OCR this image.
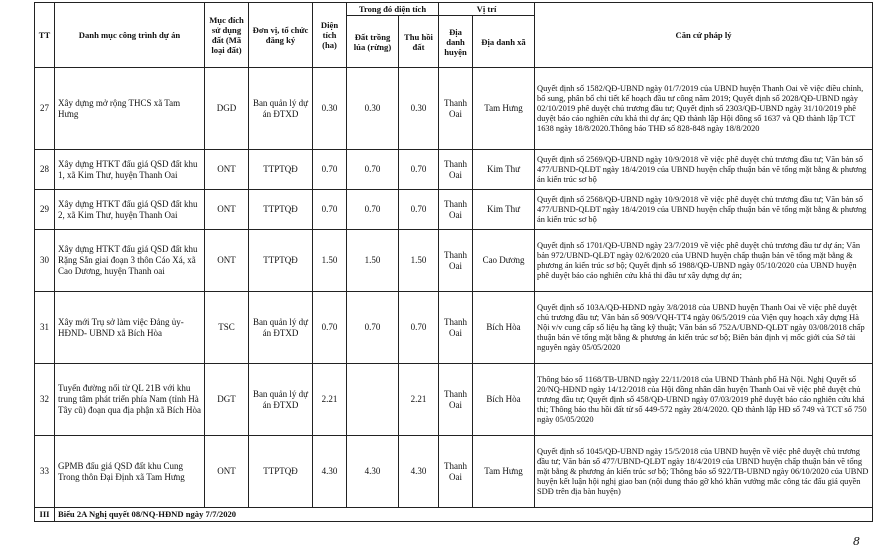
TT	Danh mục công trình dự án	Mục đích sử dụng đất (Mã loại đất)	Đơn vị, tổ chức đăng ký	Diện tích (ha)	Trong đó diện tích		Vị trí		Căn cứ pháp lý
					Đất trồng lúa (rừng)	Thu hồi đất	Địa danh huyện	Địa danh xã	
27	Xây dựng mở rộng THCS xã Tam Hưng	DGD	Ban quản lý dự án ĐTXD	0.30	0.30	0.30	Thanh Oai	Tam Hưng	Quyết định số 1582/QĐ-UBND ngày 01/7/2019 của UBND huyện Thanh Oai về việc điều chỉnh, bổ sung, phân bổ chi tiết kế hoạch đầu tư công năm 2019; Quyết định số 2028/QĐ-UBND ngày 02/10/2019 phê duyệt chủ trương đầu tư; Quyết định số 2303/QĐ-UBND ngày 31/10/2019 phê duyệt báo cáo nghiên cứu khả thi dự án; QĐ thành lập Hội đồng số 1637 và QĐ thành lập TCT 1638 ngày 18/8/2020.Thông báo THĐ số 828-848 ngày 18/8/2020
28	Xây dựng HTKT đấu giá QSD đất khu 1, xã Kim Thư, huyện Thanh Oai	ONT	TTPTQĐ	0.70	0.70	0.70	Thanh Oai	Kim Thư	Quyết định số 2569/QĐ-UBND ngày 10/9/2018 về việc phê duyệt chủ trương đầu tư; Văn bản số 477/UBND-QLĐT ngày 18/4/2019 của UBND huyện chấp thuận bản vẽ tổng mặt bằng & phương án kiến trúc sơ bộ
29	Xây dựng HTKT đấu giá QSD đất khu 2, xã Kim Thư, huyện Thanh Oai	ONT	TTPTQĐ	0.70	0.70	0.70	Thanh Oai	Kim Thư	Quyết định số 2568/QĐ-UBND ngày 10/9/2018 về việc phê duyệt chủ trương đầu tư; Văn bản số 477/UBND-QLĐT ngày 18/4/2019 của UBND huyện chấp thuận bản vẽ tổng mặt bằng & phương án kiến trúc sơ bộ
30	Xây dựng HTKT đấu giá QSD đất khu Rặng Sắn giai đoạn 3 thôn Cáo Xá, xã Cao Dương, huyện Thanh oai	ONT	TTPTQĐ	1.50	1.50	1.50	Thanh Oai	Cao Dương	Quyết định số 1701/QĐ-UBND ngày 23/7/2019 về việc phê duyệt chủ trương đầu tư dự án; Văn bản 972/UBND-QLĐT ngày 02/6/2020 của UBND huyện chấp thuận bản vẽ tổng mặt bằng & phương án kiến trúc sơ bộ; Quyết định số 1988/QĐ-UBND ngày 05/10/2020 của UBND huyện phê duyệt báo cáo nghiên cứu khả thi đầu tư xây dựng dự án;
31	Xây mới Trụ sở làm việc Đảng ủy-HĐND- UBND xã Bích Hòa	TSC	Ban quản lý dự án ĐTXD	0.70	0.70	0.70	Thanh Oai	Bích Hòa	Quyết định số 103A/QĐ-HĐND ngày 3/8/2018 của UBND huyện Thanh Oai về việc phê duyệt chủ trương đầu tư; Văn bản số 909/VQH-TT4 ngày 06/5/2019 của Viện quy hoạch xây dựng Hà Nội v/v cung cấp số liệu hạ tầng kỹ thuật; Văn bản số 752A/UBND-QLĐT ngày 03/08/2018 chấp thuận bản vẽ tổng mặt bằng & phương án kiến trúc sơ bộ; Biên bản định vị mốc giới của Sở tài nguyên ngày 05/05/2020
32	Tuyến đường nối từ QL 21B với khu trung tâm phát triển phía Nam (tỉnh Hà Tây cũ) đoạn qua địa phận xã Bích Hòa	DGT	Ban quản lý dự án ĐTXD	2.21		2.21	Thanh Oai	Bích Hòa	Thông báo số 1168/TB-UBND ngày 22/11/2018 của UBND Thành phố Hà Nội. Nghị Quyết số 20/NQ-HĐND ngày 14/12/2018 của Hội đồng nhân dân huyện Thanh Oai về việc phê duyệt chủ trương đầu tư; Quyết định số 458/QĐ-UBND ngày 07/03/2019 phê duyệt báo cáo nghiên cứu khả thi; Thông báo thu hồi đất từ số 449-572 ngày 28/4/2020. QĐ thành lập HĐ số 749 và TCT số 750 ngày 05/05/2020
33	GPMB đấu giá QSD đất khu Cung Trong thôn Đại Định xã Tam Hưng	ONT	TTPTQĐ	4.30	4.30	4.30	Thanh Oai	Tam Hưng	Quyết định số 1045/QĐ-UBND ngày 15/5/2018 của UBND huyện về việc phê duyệt chủ trương đầu tư; Văn bản số 477/UBND-QLĐT ngày 18/4/2019 của UBND huyện chấp thuận bản vẽ tổng mặt bằng & phương án kiến trúc sơ bộ; Thông báo số 922/TB-UBND ngày 06/10/2020 của UBND huyện kết luận hội nghị giao ban (nội dung tháo gỡ khó khăn vướng mắc công tác đấu giá quyền SDĐ trên địa bàn huyện)
III	Biểu 2A Nghị quyết 08/NQ-HĐND ngày 7/7/2020								
8
